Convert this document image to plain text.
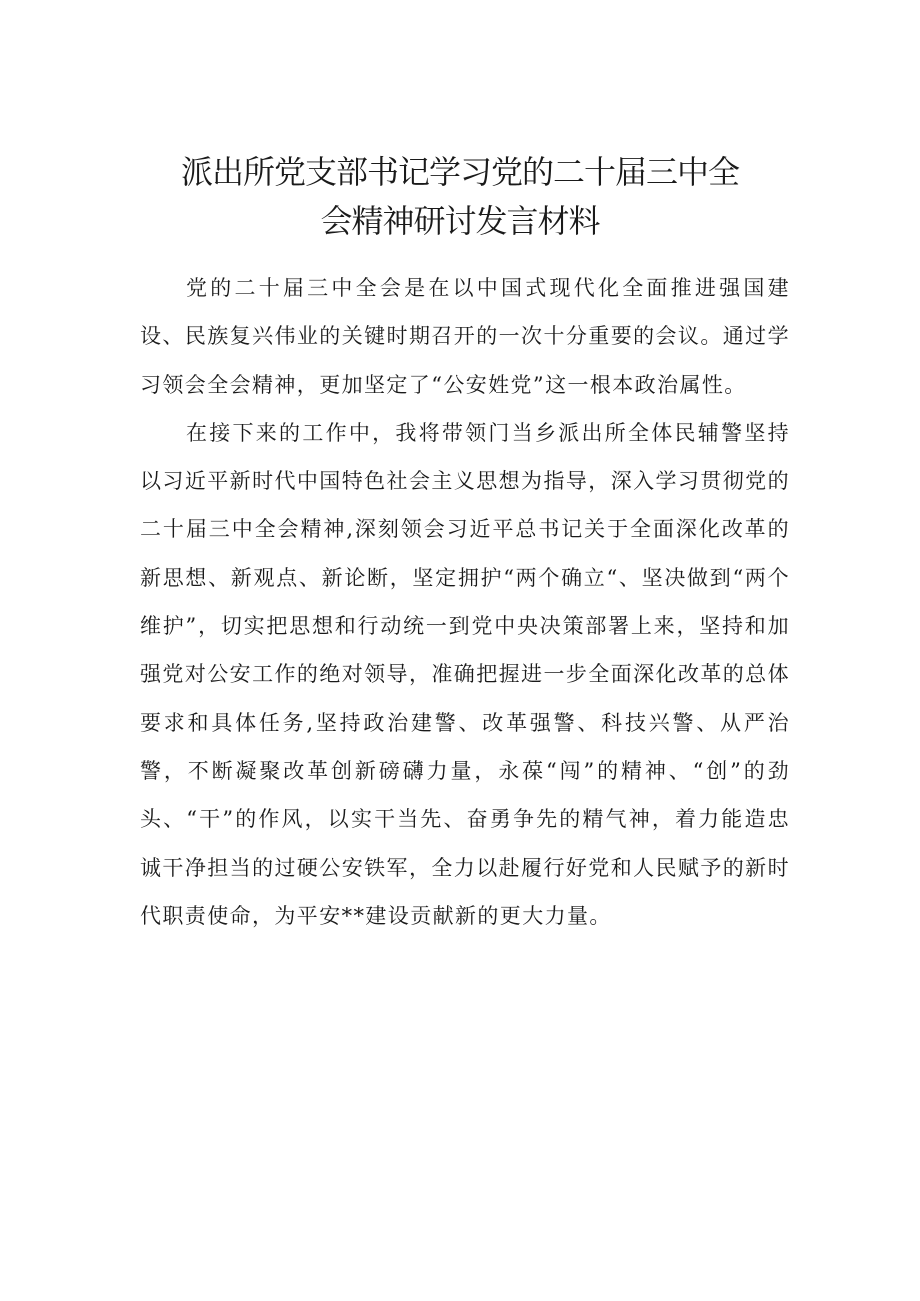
派出所党支部书记学习党的二十届三中全
会精神研讨发言材料

党的二十届三中全会是在以中国式现代化全面推进强国建设、民族复兴伟业的关键时期召开的一次十分重要的会议。通过学习领会全会精神，更加坚定了“公安姓党”这一根本政治属性。

在接下来的工作中，我将带领门当乡派出所全体民辅警坚持以习近平新时代中国特色社会主义思想为指导，深入学习贯彻党的二十届三中全会精神,深刻领会习近平总书记关于全面深化改革的新思想、新观点、新论断，坚定拥护“两个确立“、坚决做到“两个维护”，切实把思想和行动统一到党中央决策部署上来，坚持和加强党对公安工作的绝对领导，准确把握进一步全面深化改革的总体要求和具体任务,坚持政治建警、改革强警、科技兴警、从严治警，不断凝聚改革创新磅礴力量，永葆“闯”的精神、“创”的劲头、“干”的作风，以实干当先、奋勇争先的精气神，着力能造忠诚干净担当的过硬公安铁军，全力以赴履行好党和人民赋予的新时代职责使命，为平安**建设贡献新的更大力量。
